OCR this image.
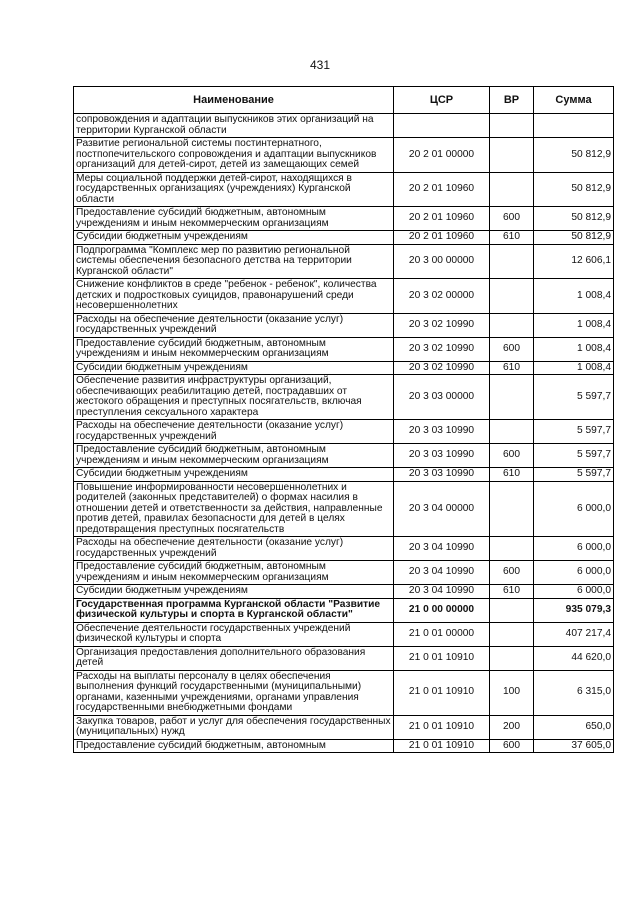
431
Наименование	ЦСР	ВР	Сумма
сопровождения и адаптации выпускников этих организаций на территории Курганской области			
Развитие региональной системы постинтернатного, постпопечительского сопровождения и адаптации выпускников организаций для детей-сирот, детей из замещающих семей	20 2 01 00000		50 812,9
Меры социальной поддержки детей-сирот, находящихся в государственных организациях (учреждениях) Курганской области	20 2 01 10960		50 812,9
Предоставление субсидий бюджетным, автономным учреждениям и иным некоммерческим организациям	20 2 01 10960	600	50 812,9
Субсидии бюджетным учреждениям	20 2 01 10960	610	50 812,9
Подпрограмма "Комплекс мер по развитию региональной системы обеспечения безопасного детства на территории Курганской области"	20 3 00 00000		12 606,1
Снижение конфликтов в среде "ребенок - ребенок", количества детских и подростковых суицидов, правонарушений среди несовершеннолетних	20 3 02 00000		1 008,4
Расходы на обеспечение деятельности (оказание услуг) государственных учреждений	20 3 02 10990		1 008,4
Предоставление субсидий бюджетным, автономным учреждениям и иным некоммерческим организациям	20 3 02 10990	600	1 008,4
Субсидии бюджетным учреждениям	20 3 02 10990	610	1 008,4
Обеспечение развития инфраструктуры организаций, обеспечивающих реабилитацию детей, пострадавших от жестокого обращения и преступных посягательств, включая преступления сексуального характера	20 3 03 00000		5 597,7
Расходы на обеспечение деятельности (оказание услуг) государственных учреждений	20 3 03 10990		5 597,7
Предоставление субсидий бюджетным, автономным учреждениям и иным некоммерческим организациям	20 3 03 10990	600	5 597,7
Субсидии бюджетным учреждениям	20 3 03 10990	610	5 597,7
Повышение информированности несовершеннолетних и родителей (законных представителей) о формах насилия в отношении детей и ответственности за действия, направленные против детей, правилах безопасности для детей в целях предотвращения преступных посягательств	20 3 04 00000		6 000,0
Расходы на обеспечение деятельности (оказание услуг) государственных учреждений	20 3 04 10990		6 000,0
Предоставление субсидий бюджетным, автономным учреждениям и иным некоммерческим организациям	20 3 04 10990	600	6 000,0
Субсидии бюджетным учреждениям	20 3 04 10990	610	6 000,0
Государственная программа Курганской области "Развитие физической культуры и спорта в Курганской области"	21 0 00 00000		935 079,3
Обеспечение деятельности государственных учреждений физической культуры и спорта	21 0 01 00000		407 217,4
Организация предоставления дополнительного образования детей	21 0 01 10910		44 620,0
Расходы на выплаты персоналу в целях обеспечения выполнения функций государственными (муниципальными) органами, казенными учреждениями, органами управления государственными внебюджетными фондами	21 0 01 10910	100	6 315,0
Закупка товаров, работ и услуг для обеспечения государственных (муниципальных) нужд	21 0 01 10910	200	650,0
Предоставление субсидий бюджетным, автономным	21 0 01 10910	600	37 605,0
